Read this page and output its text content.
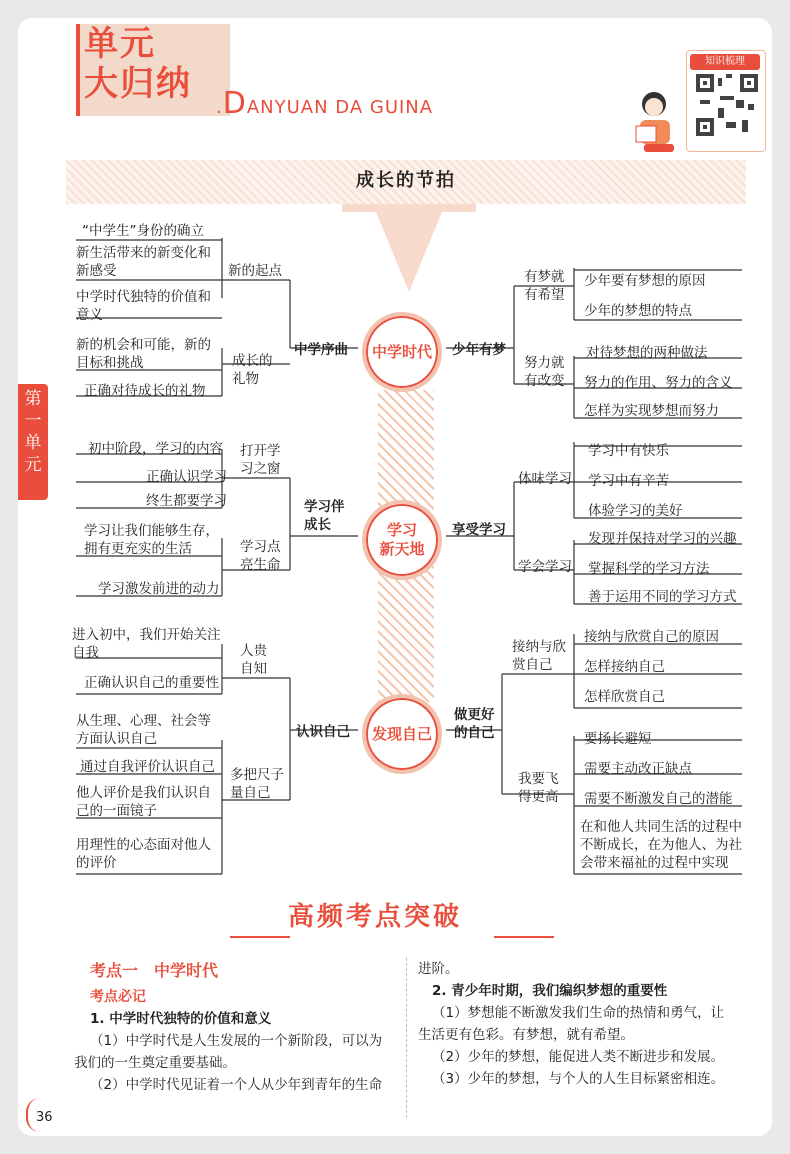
单元
大归纳
.DANYUAN DA GUINA
知识梳理
成长的节拍
第
一
单
元
中学时代
学习
新天地
发现自己
中学序曲
新的起点
成长的
礼物
“中学生”身份的确立
新生活带来的新变化和
新感受
中学时代独特的价值和
意义
新的机会和可能，新的
目标和挑战
正确对待成长的礼物
学习伴
成长
打开学
习之窗
学习点
亮生命
初中阶段，学习的内容
正确认识学习
终生都要学习
学习让我们能够生存，
拥有更充实的生活
学习激发前进的动力
认识自己
人贵
自知
多把尺子
量自己
进入初中，我们开始关注
自我
正确认识自己的重要性
从生理、心理、社会等
方面认识自己
通过自我评价认识自己
他人评价是我们认识自
己的一面镜子
用理性的心态面对他人
的评价
少年有梦
有梦就
有希望
努力就
有改变
少年要有梦想的原因
少年的梦想的特点
对待梦想的两种做法
努力的作用、努力的含义
怎样为实现梦想而努力
享受学习
体味学习
学会学习
学习中有快乐
学习中有辛苦
体验学习的美好
发现并保持对学习的兴趣
掌握科学的学习方法
善于运用不同的学习方式
做更好
的自己
接纳与欣
赏自己
我要飞
得更高
接纳与欣赏自己的原因
怎样接纳自己
怎样欣赏自己
要扬长避短
需要主动改正缺点
需要不断激发自己的潜能
在和他人共同生活的过程中
不断成长，在为他人、为社
会带来福祉的过程中实现
高频考点突破
考点一　中学时代
考点必记
1. 中学时代独特的价值和意义
（1）中学时代是人生发展的一个新阶段，可以为
我们的一生奠定重要基础。
（2）中学时代见证着一个人从少年到青年的生命
进阶。
2. 青少年时期，我们编织梦想的重要性
（1）梦想能不断激发我们生命的热情和勇气，让
生活更有色彩。有梦想，就有希望。
（2）少年的梦想，能促进人类不断进步和发展。
（3）少年的梦想，与个人的人生目标紧密相连。
36
